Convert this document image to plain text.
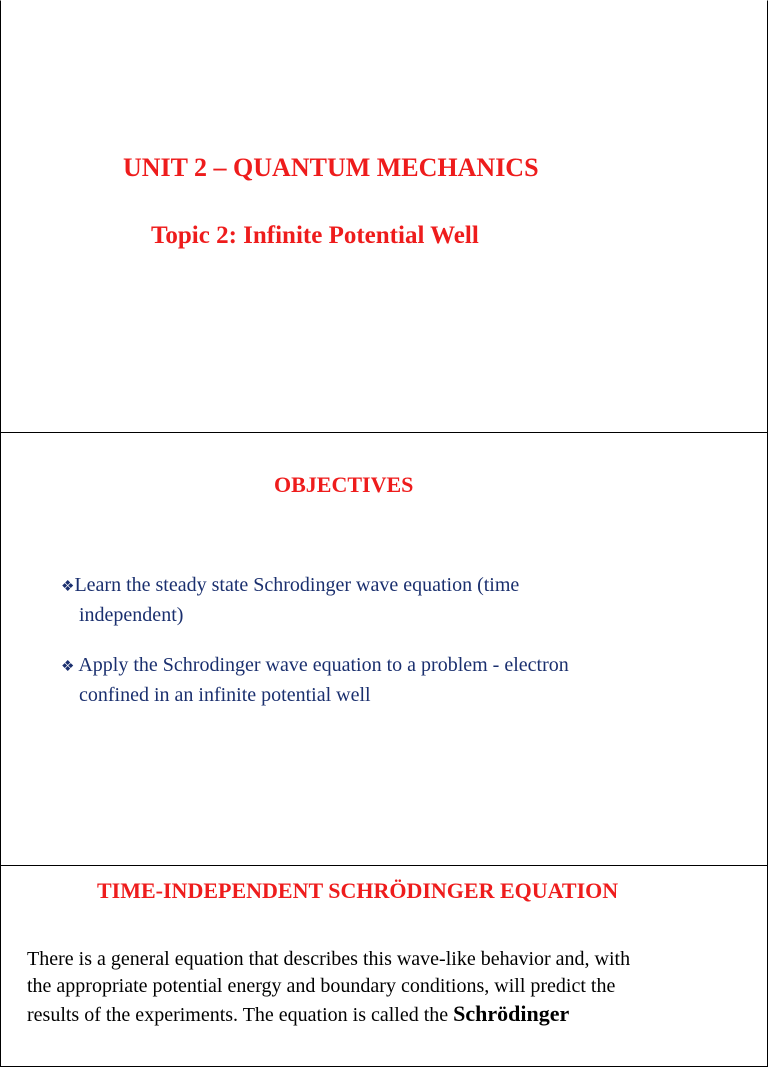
UNIT 2 – QUANTUM MECHANICS
Topic 2: Infinite Potential Well
OBJECTIVES
❖Learn the steady state Schrodinger wave equation (time
independent)
❖ Apply the Schrodinger wave equation to a problem - electron
confined in an infinite potential well
TIME-INDEPENDENT SCHRÖDINGER EQUATION
There is a general equation that describes this wave-like behavior and, with
the appropriate potential energy and boundary conditions, will predict the
results of the experiments. The equation is called the Schrödinger
